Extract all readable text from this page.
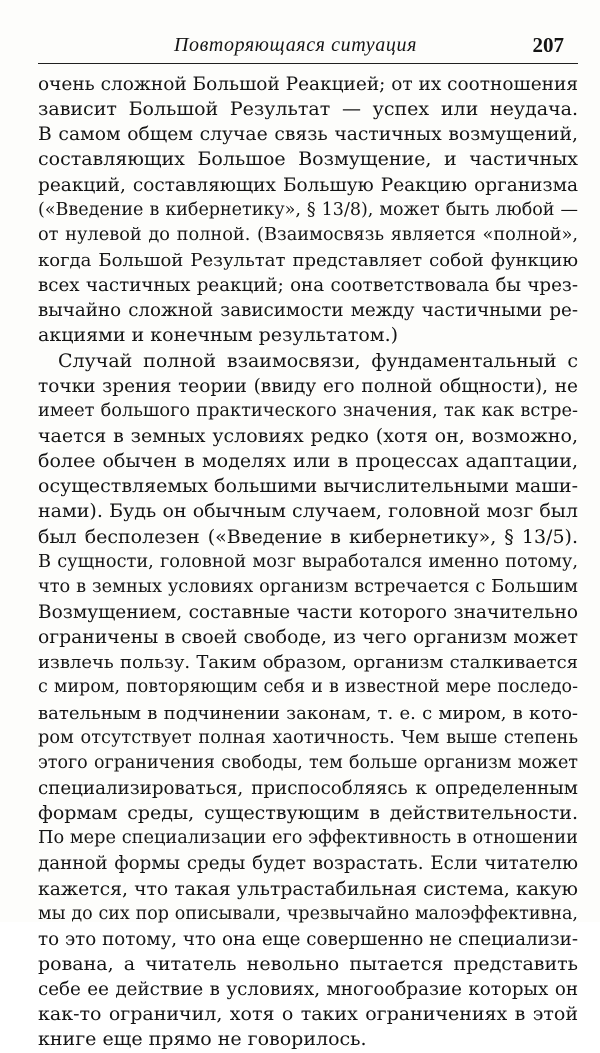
Повторяющаяся ситуация	207
очень сложной Большой Реакцией; от их соотношения
зависит Большой Результат — успех или неудача.
В самом общем случае связь частичных возмущений,
составляющих Большое Возмущение, и частичных
реакций, составляющих Большую Реакцию организма
(«Введение в кибернетику», § 13/8), может быть любой —
от нулевой до полной. (Взаимосвязь является «полной»,
когда Большой Результат представляет собой функцию
всех частичных реакций; она соответствовала бы чрез-
вычайно сложной зависимости между частичными ре-
акциями и конечным результатом.)
Случай полной взаимосвязи, фундаментальный с
точки зрения теории (ввиду его полной общности), не
имеет большого практического значения, так как встре-
чается в земных условиях редко (хотя он, возможно,
более обычен в моделях или в процессах адаптации,
осуществляемых большими вычислительными маши-
нами). Будь он обычным случаем, головной мозг был
был бесполезен («Введение в кибернетику», § 13/5).
В сущности, головной мозг выработался именно потому,
что в земных условиях организм встречается с Большим
Возмущением, составные части которого значительно
ограничены в своей свободе, из чего организм может
извлечь пользу. Таким образом, организм сталкивается
с миром, повторяющим себя и в известной мере последо-
вательным в подчинении законам, т. е. с миром, в кото-
ром отсутствует полная хаотичность. Чем выше степень
этого ограничения свободы, тем больше организм может
специализироваться, приспособляясь к определенным
формам среды, существующим в действительности.
По мере специализации его эффективность в отношении
данной формы среды будет возрастать. Если читателю
кажется, что такая ультрастабильная система, какую
мы до сих пор описывали, чрезвычайно малоэффективна,
то это потому, что она еще совершенно не специализи-
рована, а читатель невольно пытается представить
себе ее действие в условиях, многообразие которых он
как-то ограничил, хотя о таких ограничениях в этой
книге еще прямо не говорилось.
